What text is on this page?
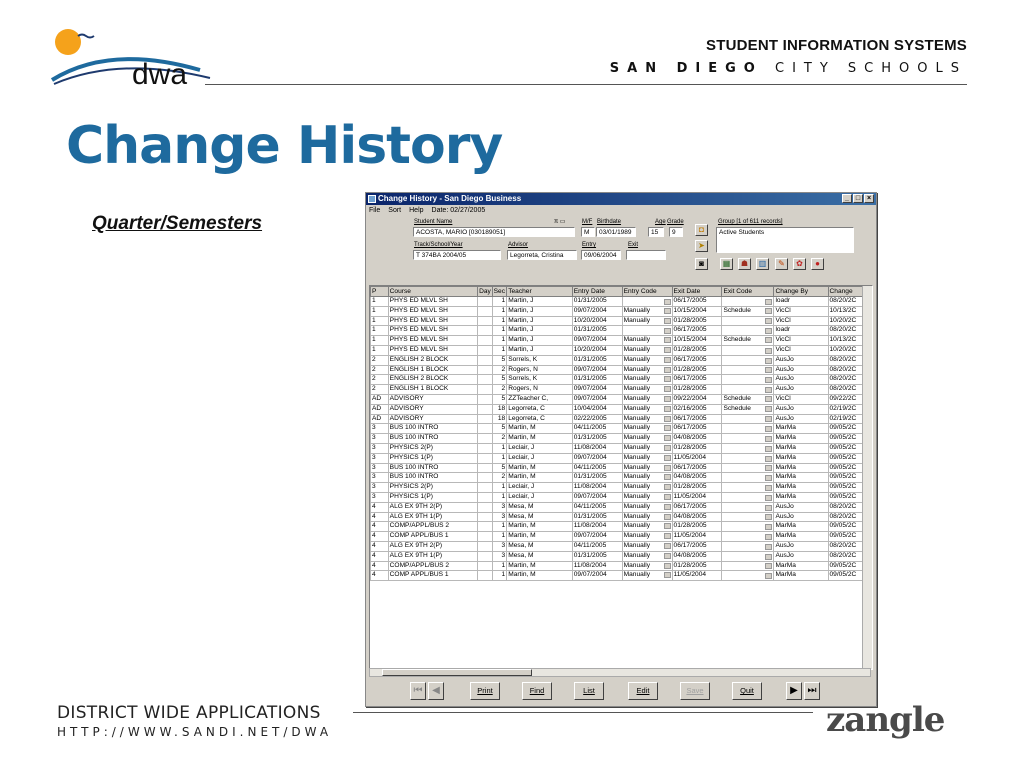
dwa
STUDENT INFORMATION SYSTEMS
SAN DIEGO CITY SCHOOLS
Change History
Quarter/Semesters
Change History - San Diego Business	_ □ ×
File Sort Help Date: 02/27/2005
Student Name
ACOSTA, MARIO [030189051]
π ▭	M/F
M
Birthdate
03/01/1989
Age
15
Grade
9
Track/School/Year
T 374BA 2004/05
Advisor
Legorreta, Cristina
Entry
09/06/2004
Exit
◘
➤
◙
Group [1 of 611 records]
Active Students
▦	☗	▥	✎	✿	●
P	Course	Day	Sec	Teacher	Entry Date	Entry Code	Exit Date	Exit Code	Change By	Change
1	PHYS ED MLVL SH		1	Martin, J	01/31/2005		06/17/2005		loadr	08/20/2C
1	PHYS ED MLVL SH		1	Martin, J	09/07/2004	Manually	10/15/2004	Schedule	VicCl	10/13/2C
1	PHYS ED MLVL SH		1	Martin, J	10/20/2004	Manually	01/28/2005		VicCl	10/20/2C
1	PHYS ED MLVL SH		1	Martin, J	01/31/2005		06/17/2005		loadr	08/20/2C
1	PHYS ED MLVL SH		1	Martin, J	09/07/2004	Manually	10/15/2004	Schedule	VicCl	10/13/2C
1	PHYS ED MLVL SH		1	Martin, J	10/20/2004	Manually	01/28/2005		VicCl	10/20/2C
2	ENGLISH 2 BLOCK		5	Sorrels, K	01/31/2005	Manually	06/17/2005		AusJo	08/20/2C
2	ENGLISH 1 BLOCK		2	Rogers, N	09/07/2004	Manually	01/28/2005		AusJo	08/20/2C
2	ENGLISH 2 BLOCK		5	Sorrels, K	01/31/2005	Manually	06/17/2005		AusJo	08/20/2C
2	ENGLISH 1 BLOCK		2	Rogers, N	09/07/2004	Manually	01/28/2005		AusJo	08/20/2C
AD	ADVISORY		5	ZZTeacher C,	09/07/2004	Manually	09/22/2004	Schedule	VicCl	09/22/2C
AD	ADVISORY		18	Legorreta, C	10/04/2004	Manually	02/16/2005	Schedule	AusJo	02/19/2C
AD	ADVISORY		18	Legorreta, C	02/22/2005	Manually	06/17/2005		AusJo	02/19/2C
3	BUS 100 INTRO		5	Martin, M	04/11/2005	Manually	06/17/2005		MarMa	09/05/2C
3	BUS 100 INTRO		2	Martin, M	01/31/2005	Manually	04/08/2005		MarMa	09/05/2C
3	PHYSICS 2(P)		1	Leclair, J	11/08/2004	Manually	01/28/2005		MarMa	09/05/2C
3	PHYSICS 1(P)		1	Leclair, J	09/07/2004	Manually	11/05/2004		MarMa	09/05/2C
3	BUS 100 INTRO		5	Martin, M	04/11/2005	Manually	06/17/2005		MarMa	09/05/2C
3	BUS 100 INTRO		2	Martin, M	01/31/2005	Manually	04/08/2005		MarMa	09/05/2C
3	PHYSICS 2(P)		1	Leclair, J	11/08/2004	Manually	01/28/2005		MarMa	09/05/2C
3	PHYSICS 1(P)		1	Leclair, J	09/07/2004	Manually	11/05/2004		MarMa	09/05/2C
4	ALG EX 9TH 2(P)		3	Mesa, M	04/11/2005	Manually	06/17/2005		AusJo	08/20/2C
4	ALG EX 9TH 1(P)		3	Mesa, M	01/31/2005	Manually	04/08/2005		AusJo	08/20/2C
4	COMP/APPL/BUS 2		1	Martin, M	11/08/2004	Manually	01/28/2005		MarMa	09/05/2C
4	COMP APPL/BUS 1		1	Martin, M	09/07/2004	Manually	11/05/2004		MarMa	09/05/2C
4	ALG EX 9TH 2(P)		3	Mesa, M	04/11/2005	Manually	06/17/2005		AusJo	08/20/2C
4	ALG EX 9TH 1(P)		3	Mesa, M	01/31/2005	Manually	04/08/2005		AusJo	08/20/2C
4	COMP/APPL/BUS 2		1	Martin, M	11/08/2004	Manually	01/28/2005		MarMa	09/05/2C
4	COMP APPL/BUS 1		1	Martin, M	09/07/2004	Manually	11/05/2004		MarMa	09/05/2C
⏮ ◀	Print	Find	List	Edit	Save	Quit	▶ ⏭
DISTRICT WIDE APPLICATIONS
HTTP://WWW.SANDI.NET/DWA	zangle
